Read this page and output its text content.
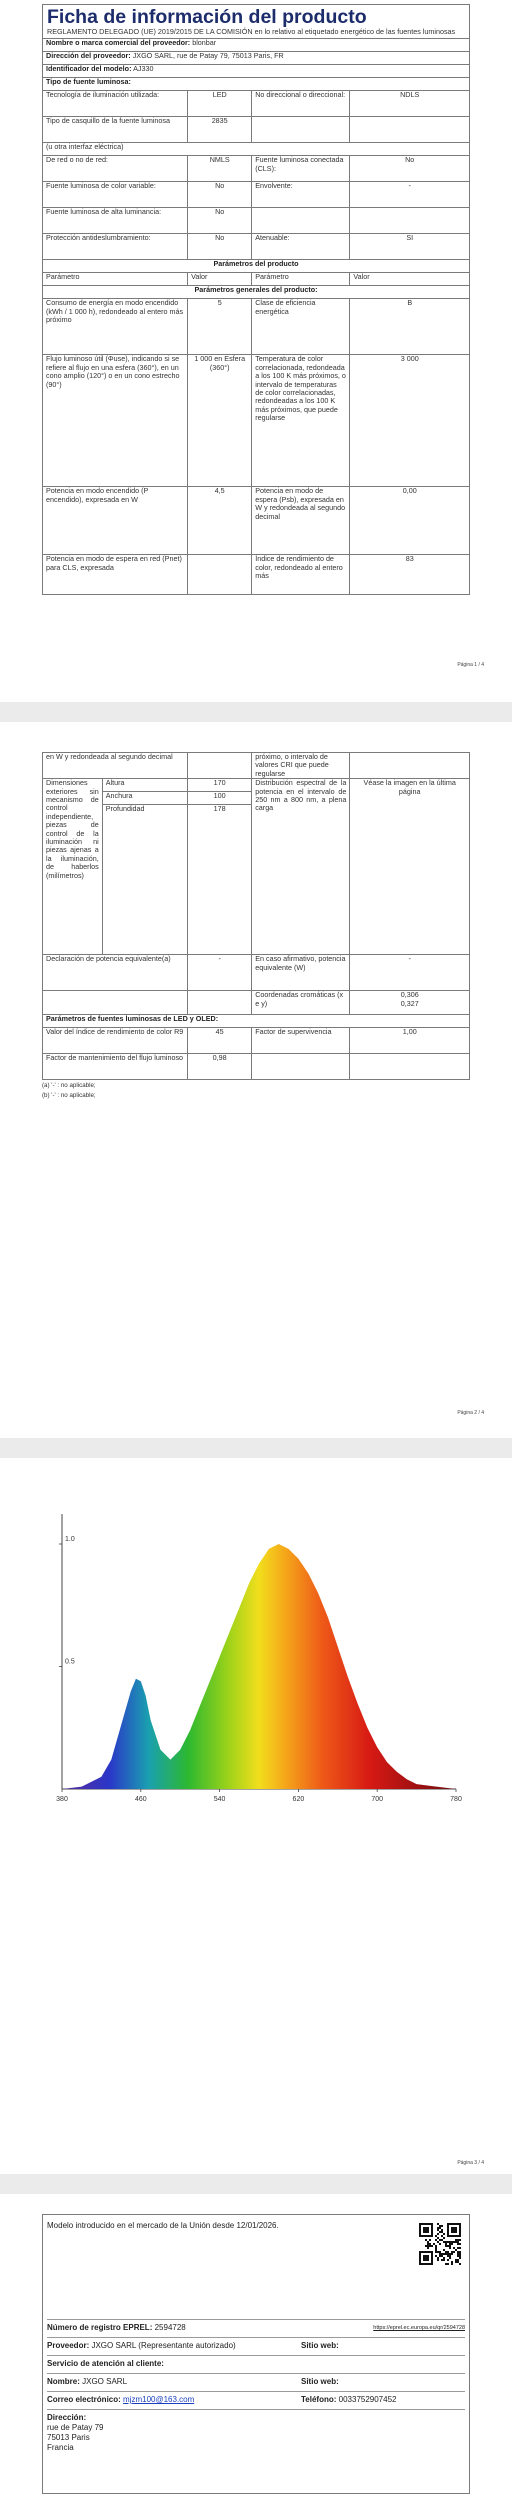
Ficha de información del producto
REGLAMENTO DELEGADO (UE) 2019/2015 DE LA COMISIÓN en lo relativo al etiquetado energético de las fuentes luminosas
Nombre o marca comercial del proveedor: blonbar			
Dirección del proveedor: JXGO SARL, rue de Patay 79, 75013 Paris, FR			
Identificador del modelo: AJ330			
Tipo de fuente luminosa:			
Tecnología de iluminación utilizada:	LED	No direccional o direccional:	NDLS
Tipo de casquillo de la fuente luminosa	2835		
(u otra interfaz eléctrica)			
De red o no de red:	NMLS	Fuente luminosa conectada (CLS):	No
Fuente luminosa de color variable:	No	Envolvente:	-
Fuente luminosa de alta luminancia:	No		
Protección antideslumbramiento:	No	Atenuable:	SI
Parámetros del producto			
Parámetro	Valor	Parámetro	Valor
Parámetros generales del producto:			
Consumo de energía en modo encendido (kWh / 1 000 h), redondeado al entero más próximo	5	Clase de eficiencia energética	B
Flujo luminoso útil (Φuse), indicando si se refiere al flujo en una esfera (360°), en un cono amplio (120°) o en un cono estrecho (90°)	1 000 en Esfera (360°)	Temperatura de color correlacionada, redondeada a los 100 K más próximos, o intervalo de temperaturas de color correlacionadas, redondeadas a los 100 K más próximos, que puede regularse	3 000
Potencia en modo encendido (P encendido), expresada en W	4,5	Potencia en modo de espera (Psb), expresada en W y redondeada al segundo decimal	0,00
Potencia en modo de espera en red (Pnet) para CLS, expresada		Índice de rendimiento de color, redondeado al entero más	83
Página 1 / 4
en W y redondeada al segundo decimal			próximo, o intervalo de valores CRI que puede regularse	
Dimensiones exteriores sin mecanismo de control independiente, piezas de control de la iluminación ni piezas ajenas a la iluminación, de haberlos (milímetros)	Altura	170	Distribución espectral de la potencia en el intervalo de 250 nm a 800 nm, a plena carga	Véase la imagen en la última página
	Anchura	100		
	Profundidad	178		
Declaración de potencia equivalente(a)		-	En caso afirmativo, potencia equivalente (W)	-
			Coordenadas cromáticas (x e y)	0,306
0,327

Parámetros de fuentes luminosas de LED y OLED:				
Valor del índice de rendimiento de color R9		45	Factor de supervivencia	1,00
Factor de mantenimiento del flujo luminoso		0,98		
(a) '-' : no aplicable;
(b) '-' : no aplicable;
Página 2 / 4
380	460	540	620	700	780
0.5
1.0
Página 3 / 4
Modelo introducido en el mercado de la Unión desde 12/01/2026.
Número de registro EPREL: 2594728	https://eprel.ec.europa.eu/qr/2594728
Proveedor: JXGO SARL (Representante autorizado)	Sitio web:
Servicio de atención al cliente:
Nombre: JXGO SARL	Sitio web:
Correo electrónico: mjzm100@163.com	Teléfono: 0033752907452
Dirección:
rue de Patay 79
75013 Paris
Francia
